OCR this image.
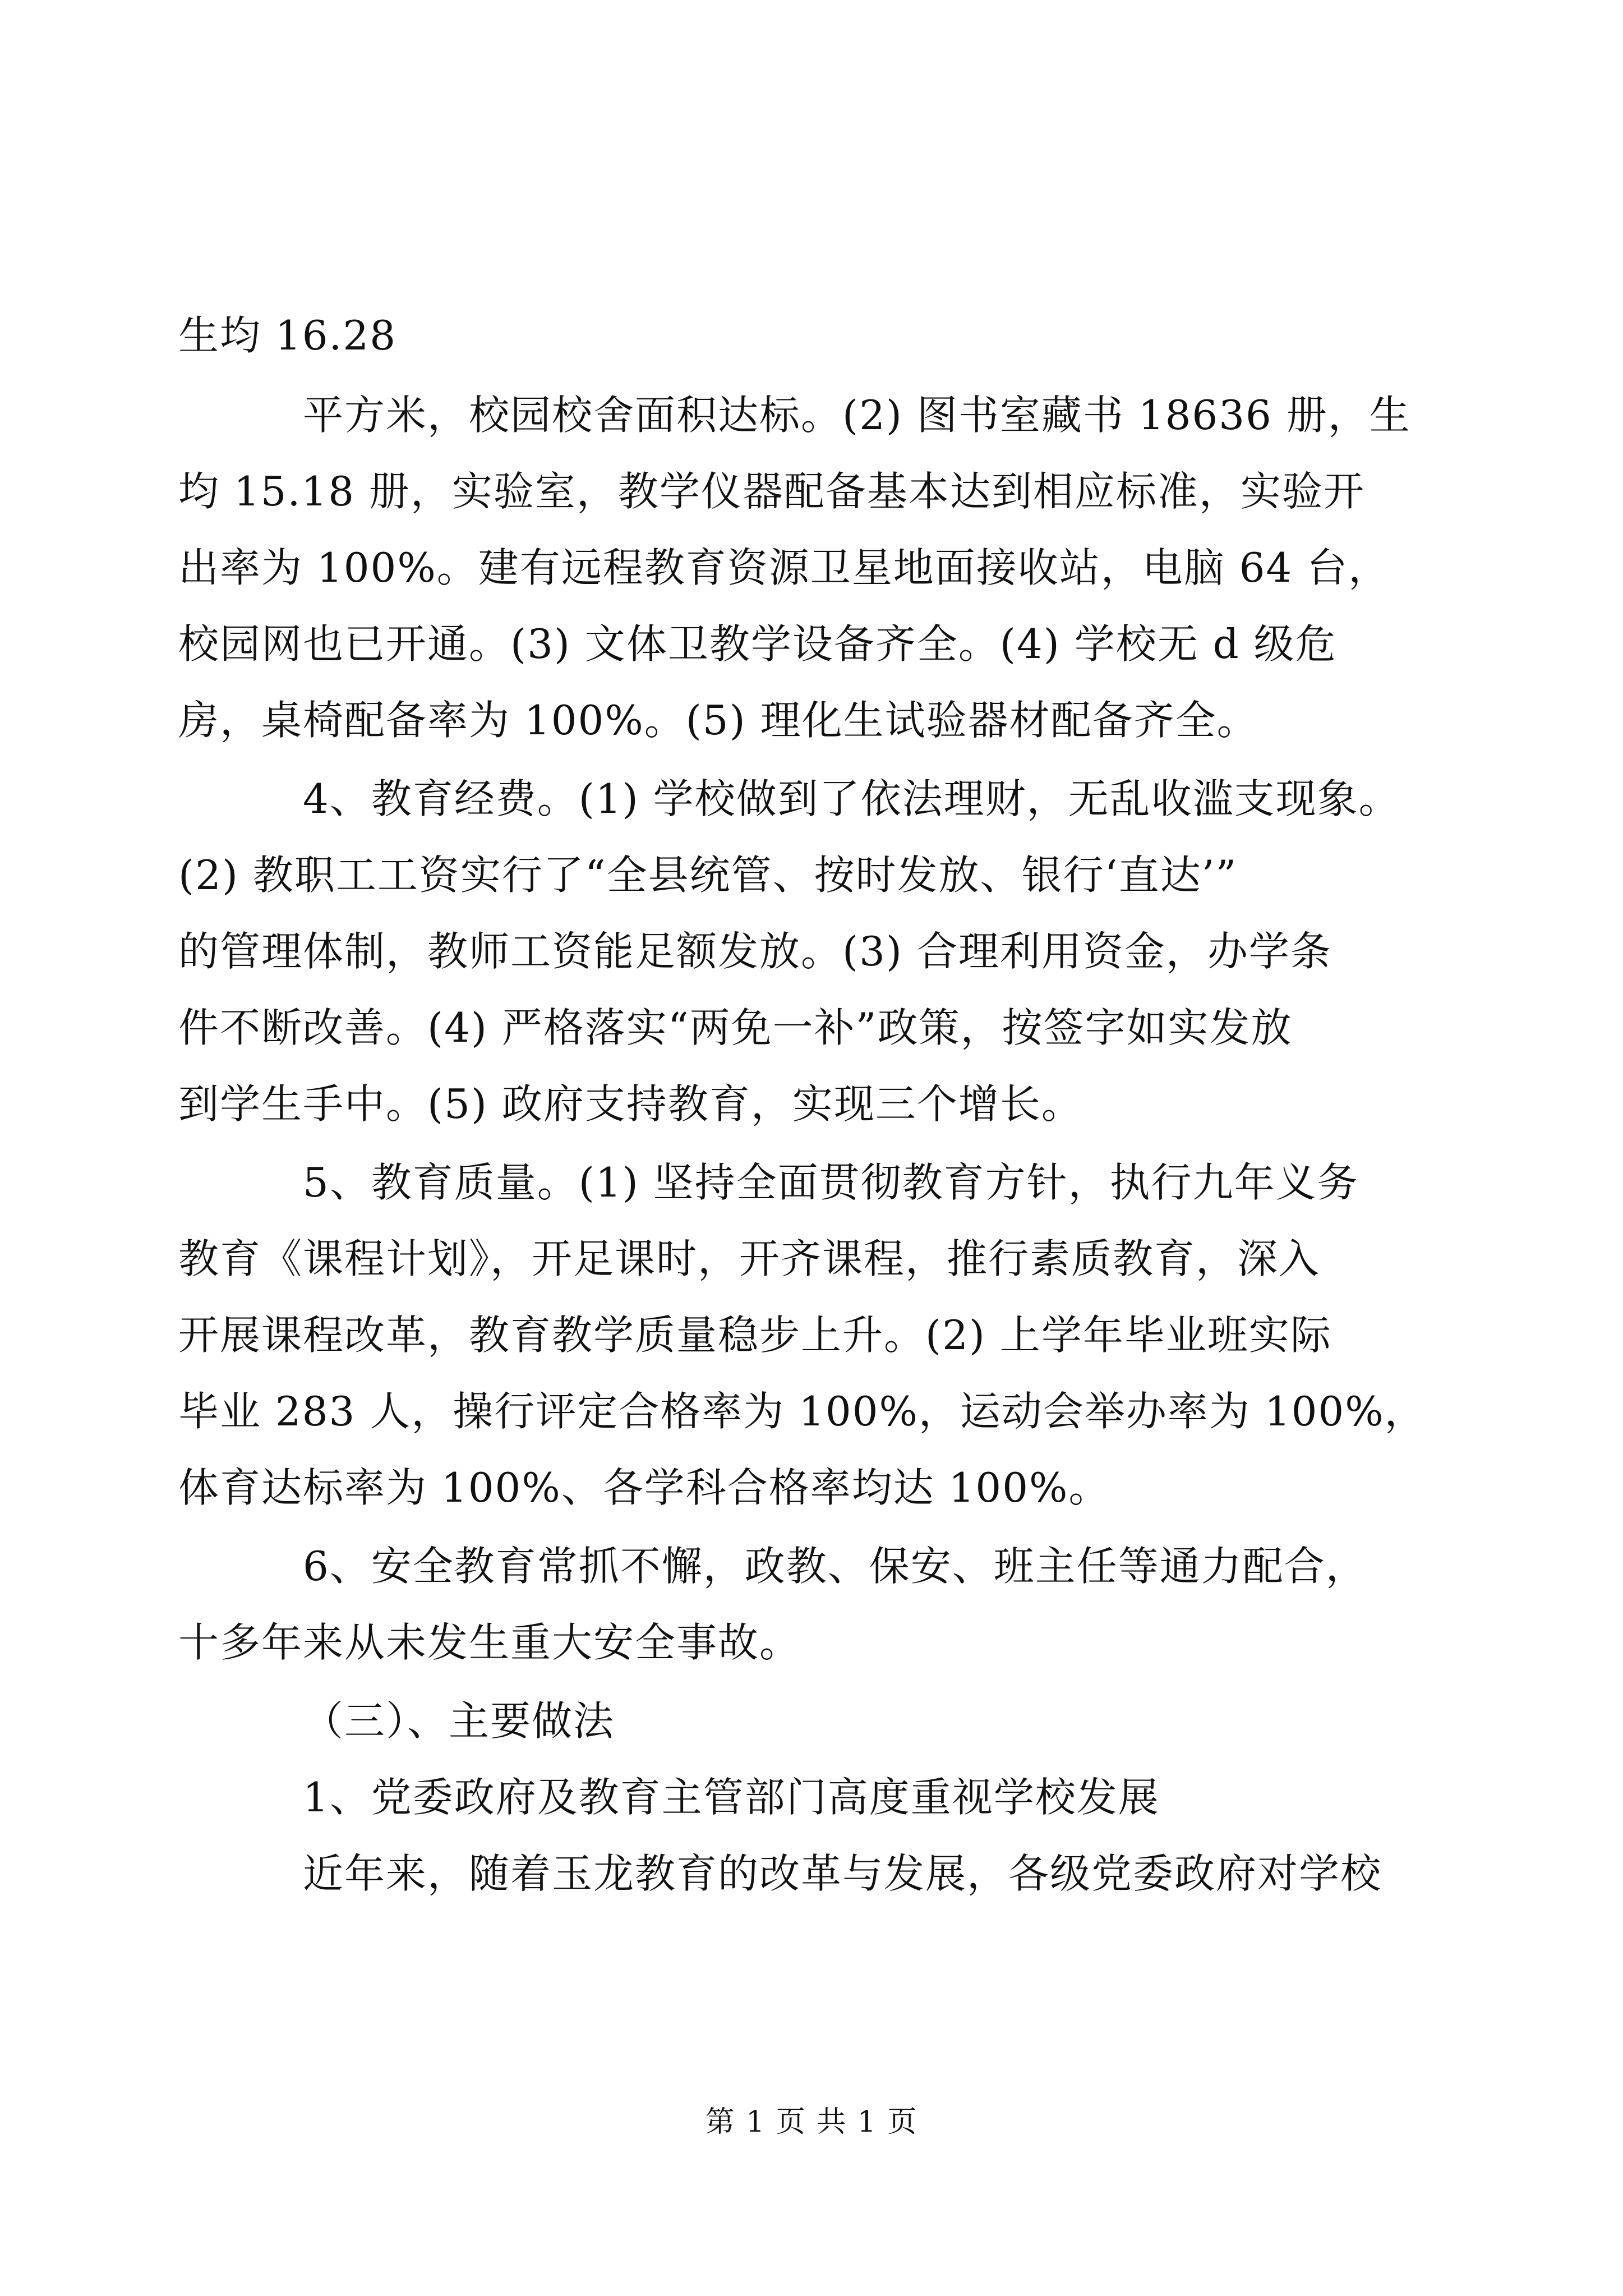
生均 16.28
平方米，校园校舍面积达标。(2) 图书室藏书 18636 册，生
均 15.18 册，实验室，教学仪器配备基本达到相应标准，实验开
出率为 100%。建有远程教育资源卫星地面接收站，电脑 64 台，
校园网也已开通。(3) 文体卫教学设备齐全。(4) 学校无 d 级危
房，桌椅配备率为 100%。(5) 理化生试验器材配备齐全。
4、教育经费。(1) 学校做到了依法理财，无乱收滥支现象。
(2) 教职工工资实行了“全县统管、按时发放、银行‘直达’”
的管理体制，教师工资能足额发放。(3) 合理利用资金，办学条
件不断改善。(4) 严格落实“两免一补”政策，按签字如实发放
到学生手中。(5) 政府支持教育，实现三个增长。
5、教育质量。(1) 坚持全面贯彻教育方针，执行九年义务
教育《课程计划》，开足课时，开齐课程，推行素质教育，深入
开展课程改革，教育教学质量稳步上升。(2) 上学年毕业班实际
毕业 283 人，操行评定合格率为 100%，运动会举办率为 100%，
体育达标率为 100%、各学科合格率均达 100%。
6、安全教育常抓不懈，政教、保安、班主任等通力配合，
十多年来从未发生重大安全事故。
（三）、主要做法
1、党委政府及教育主管部门高度重视学校发展
近年来，随着玉龙教育的改革与发展，各级党委政府对学校
第 1 页 共 1 页
